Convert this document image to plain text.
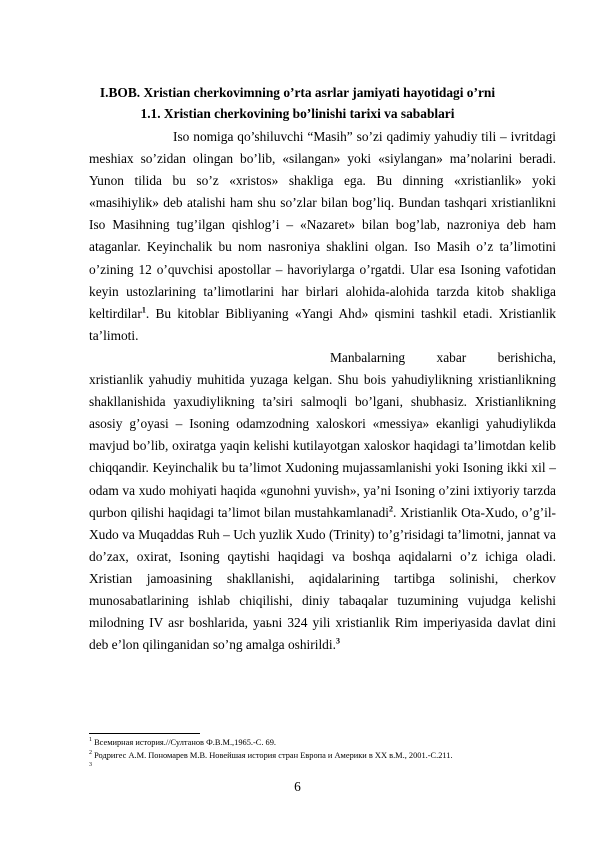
I.BOB. Xristian cherkovimning o’rta asrlar jamiyati hayotidagi o’rni
1.1. Xristian cherkovining bo’linishi tarixi va sabablari

Iso nomiga qo’shiluvchi “Masih” so’zi qadimiy yahudiy tili – ivritdagi meshiax so’zidan olingan bo’lib, «silangan» yoki «siylangan» ma’nolarini beradi. Yunon tilida bu so’z «xristos» shakliga ega. Bu dinning «xristianlik» yoki «masihiylik» deb atalishi ham shu so’zlar bilan bog’liq. Bundan tashqari xristianlikni Iso Masihning tug’ilgan qishlog’i – «Nazaret» bilan bog’lab, nazroniya deb ham ataganlar. Keyinchalik bu nom nasroniya shaklini olgan. Iso Masih o’z ta’limotini o’zining 12 o’quvchisi apostollar – havoriylarga o’rgatdi. Ular esa Isoning vafotidan keyin ustozlarining ta’limotlarini har birlari alohida-alohida tarzda kitob shakliga keltirdilar$^1$. Bu kitoblar Bibliyaning «Yangi Ahd» qismini tashkil etadi. Xristianlik ta’limoti.

Manbalarning xabar berishicha, xristianlik yahudiy muhitida yuzaga kelgan. Shu bois yahudiylikning xristianlikning shakllanishida yaxudiylikning ta’siri salmoqli bo’lgani, shubhasiz. Xristianlikning asosiy g’oyasi – Isoning odamzodning xaloskori «messiya» ekanligi yahudiylikda mavjud bo’lib, oxiratga yaqin kelishi kutilayotgan xaloskor haqidagi ta’limotdan kelib chiqqandir. Keyinchalik bu ta’limot Xudoning mujassamlanishi yoki Isoning ikki xil – odam va xudo mohiyati haqida «gunohni yuvish», ya’ni Isoning o’zini ixtiyoriy tarzda qurbon qilishi haqidagi ta’limot bilan mustahkamlanadi$^2$. Xristianlik Ota-Xudo, o’g’il-Xudo va Muqaddas Ruh – Uch yuzlik Xudo (Trinity) to’g’risidagi ta’limotni, jannat va do’zax, oxirat, Isoning qaytishi haqidagi va boshqa aqidalarni o’z ichiga oladi. Xristian jamoasining shakllanishi, aqidalarining tartibga solinishi, cherkov munosabatlarining ishlab chiqilishi, diniy tabaqalar tuzumining vujudga kelishi milodning IV asr boshlarida, yaьni 324 yili xristianlik Rim imperiyasida davlat dini deb e’lon qilinganidan so’ng amalga oshirildi.$^3$

$^1$ Всемирная история.//Султанов Ф.В.М.,1965.-С. 69.
$^2$ Родригес А.М. Пономарев М.В. Новейшая история стран Европа и Америки в ХХ в.М., 2001.-С.211.
$^3$
6
